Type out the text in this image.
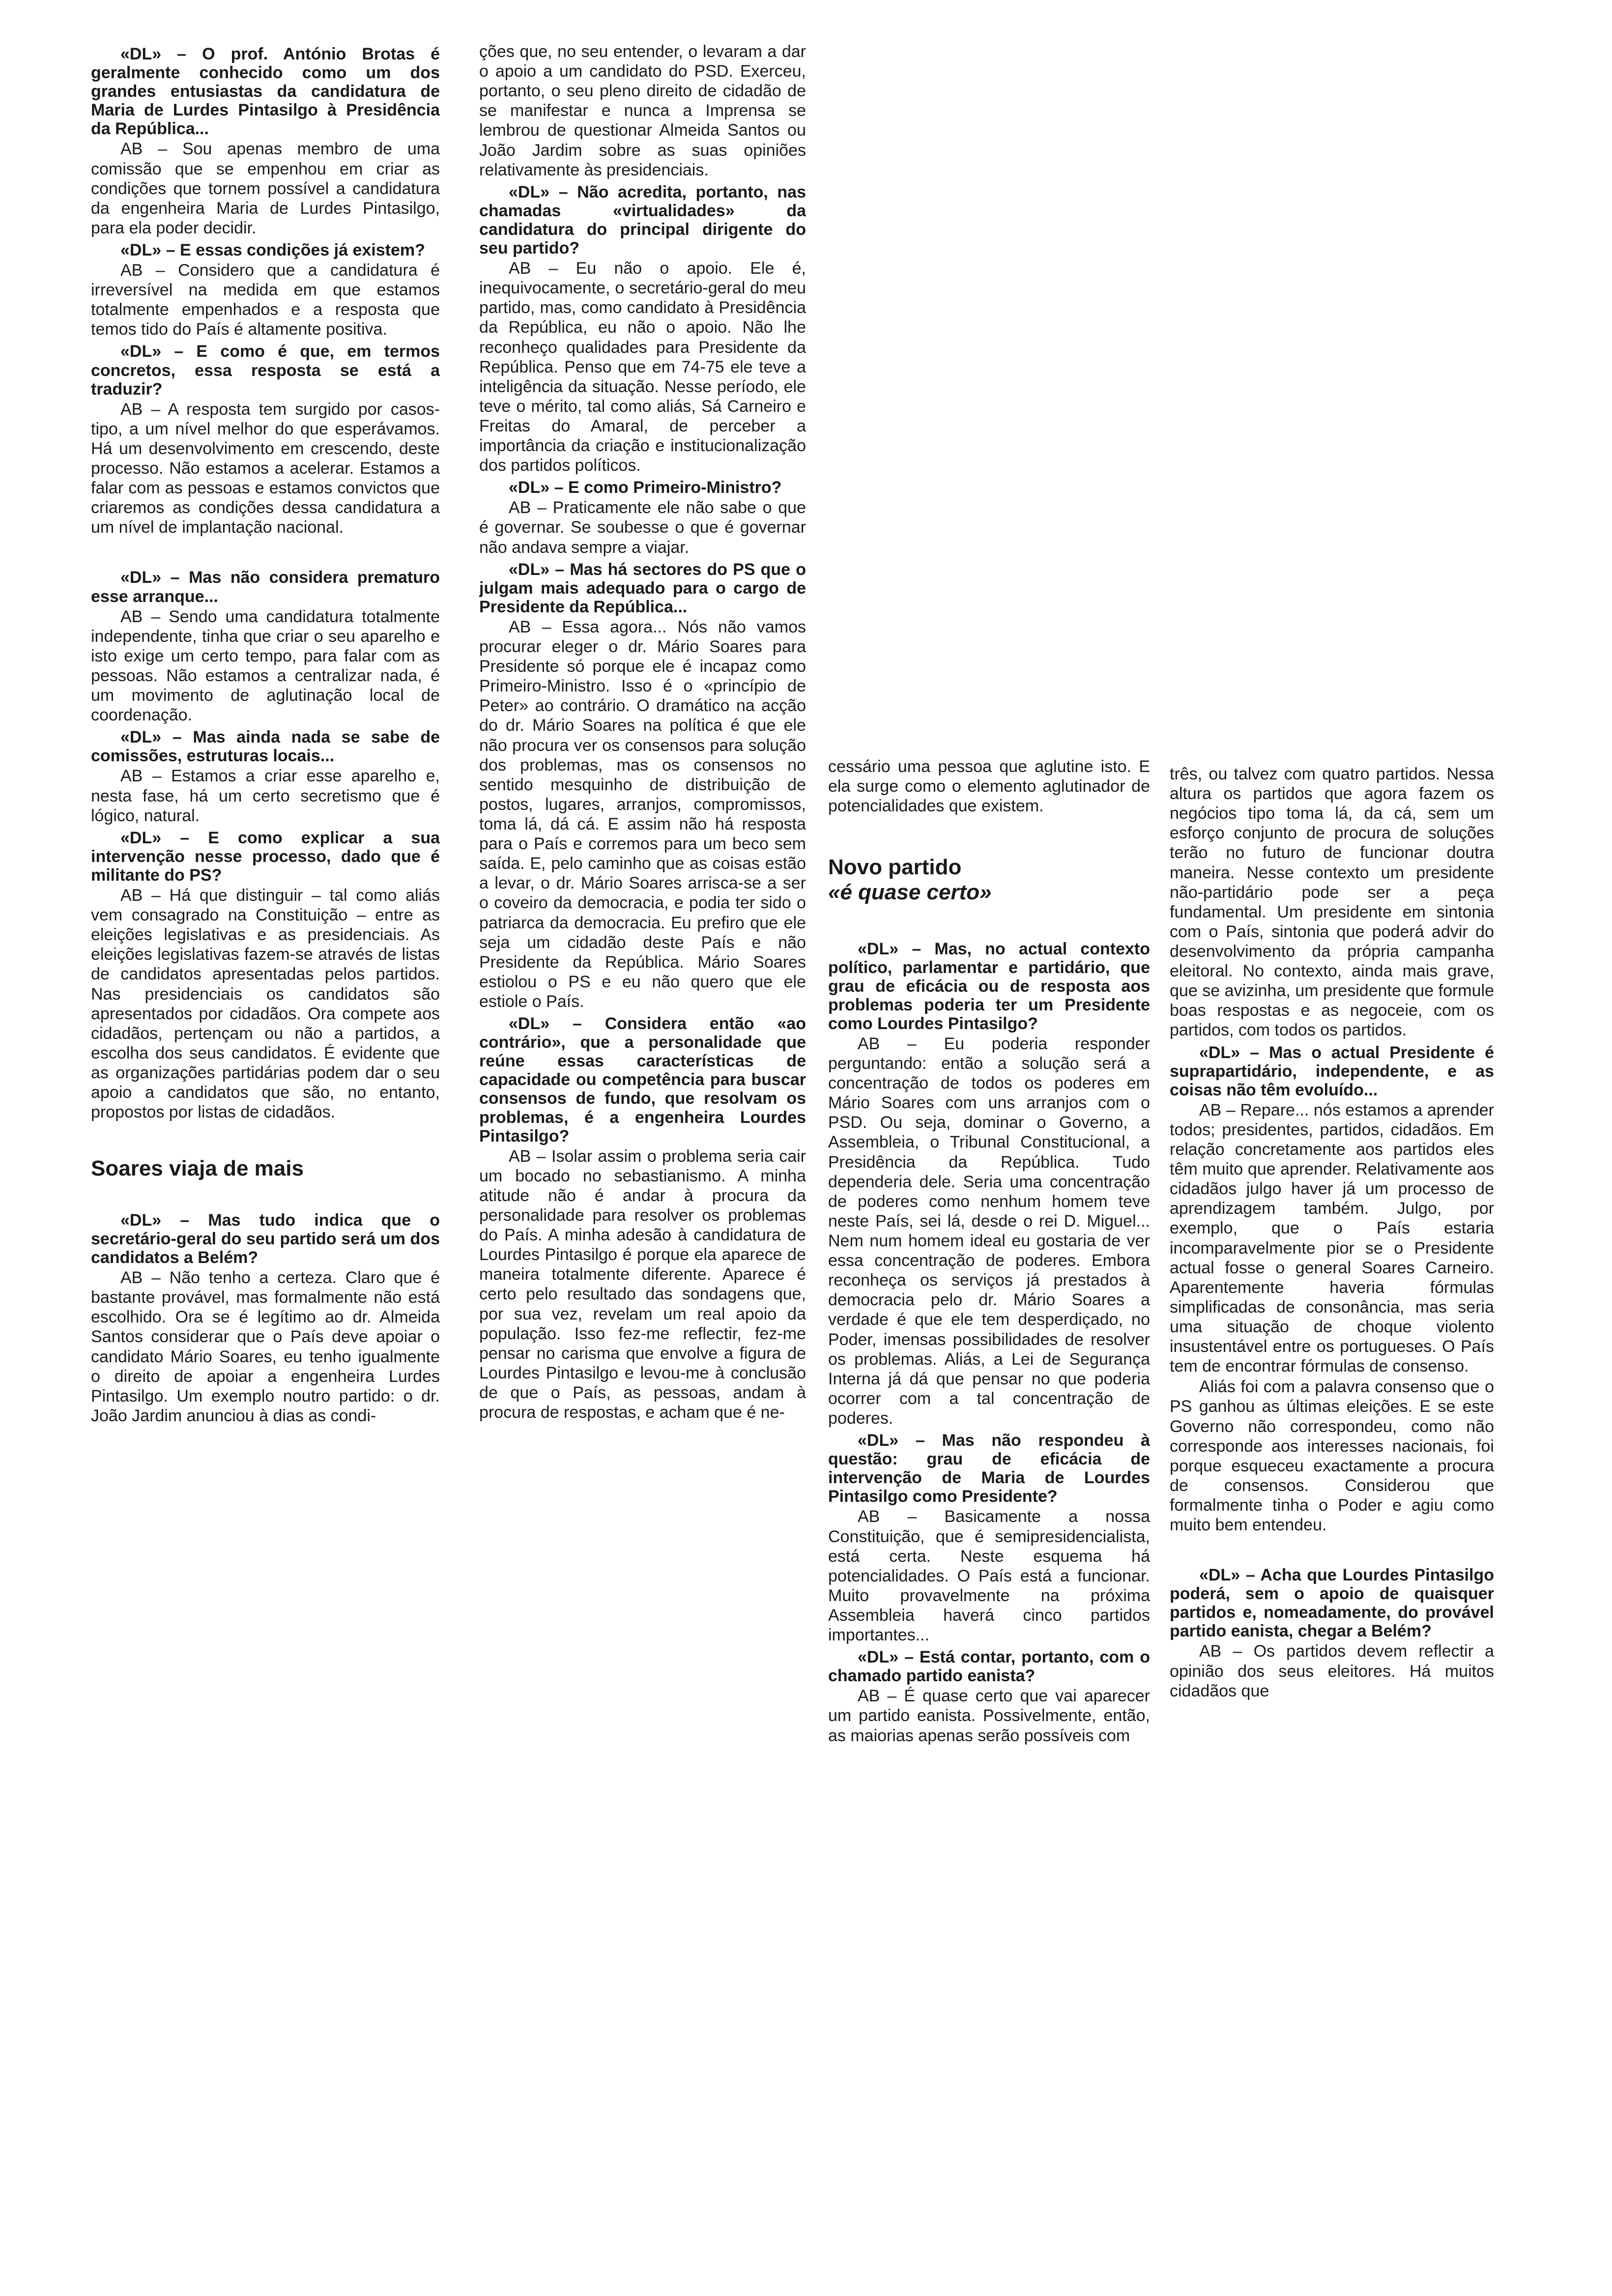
«DL» – O prof. António Brotas é geralmente conhecido como um dos grandes entusiastas da candidatura de Maria de Lurdes Pintasilgo à Presidência da República...

AB – Sou apenas membro de uma comissão que se empenhou em criar as condições que tornem possível a candidatura da engenheira Maria de Lurdes Pintasilgo, para ela poder decidir.

«DL» – E essas condições já existem?

AB – Considero que a candidatura é irreversível na medida em que estamos totalmente empenhados e a resposta que temos tido do País é altamente positiva.

«DL» – E como é que, em termos concretos, essa resposta se está a traduzir?

AB – A resposta tem surgido por casos-tipo, a um nível melhor do que esperávamos. Há um desenvolvimento em crescendo, deste processo. Não estamos a acelerar. Estamos a falar com as pessoas e estamos convictos que criaremos as condições dessa candidatura a um nível de implantação nacional.

«DL» – Mas não considera prematuro esse arranque...

AB – Sendo uma candidatura totalmente independente, tinha que criar o seu aparelho e isto exige um certo tempo, para falar com as pessoas. Não estamos a centralizar nada, é um movimento de aglutinação local de coordenação.

«DL» – Mas ainda nada se sabe de comissões, estruturas locais...

AB – Estamos a criar esse aparelho e, nesta fase, há um certo secretismo que é lógico, natural.

«DL» – E como explicar a sua intervenção nesse processo, dado que é militante do PS?

AB – Há que distinguir – tal como aliás vem consagrado na Constituição – entre as eleições legislativas e as presidenciais. As eleições legislativas fazem-se através de listas de candidatos apresentadas pelos partidos. Nas presidenciais os candidatos são apresentados por cidadãos. Ora compete aos cidadãos, pertençam ou não a partidos, a escolha dos seus candidatos. É evidente que as organizações partidárias podem dar o seu apoio a candidatos que são, no entanto, propostos por listas de cidadãos.

Soares viaja de mais

«DL» – Mas tudo indica que o secretário-geral do seu partido será um dos candidatos a Belém?

AB – Não tenho a certeza. Claro que é bastante provável, mas formalmente não está escolhido. Ora se é legítimo ao dr. Almeida Santos considerar que o País deve apoiar o candidato Mário Soares, eu tenho igualmente o direito de apoiar a engenheira Lurdes Pintasilgo. Um exemplo noutro partido: o dr. João Jardim anunciou à dias as condi-

ções que, no seu entender, o levaram a dar o apoio a um candidato do PSD. Exerceu, portanto, o seu pleno direito de cidadão de se manifestar e nunca a Imprensa se lembrou de questionar Almeida Santos ou João Jardim sobre as suas opiniões relativamente às presidenciais.

«DL» – Não acredita, portanto, nas chamadas «virtualidades» da candidatura do principal dirigente do seu partido?

AB – Eu não o apoio. Ele é, inequivocamente, o secretário-geral do meu partido, mas, como candidato à Presidência da República, eu não o apoio. Não lhe reconheço qualidades para Presidente da República. Penso que em 74-75 ele teve a inteligência da situação. Nesse período, ele teve o mérito, tal como aliás, Sá Carneiro e Freitas do Amaral, de perceber a importância da criação e institucionalização dos partidos políticos.

«DL» – E como Primeiro-Ministro?

AB – Praticamente ele não sabe o que é governar. Se soubesse o que é governar não andava sempre a viajar.

«DL» – Mas há sectores do PS que o julgam mais adequado para o cargo de Presidente da República...

AB – Essa agora... Nós não vamos procurar eleger o dr. Mário Soares para Presidente só porque ele é incapaz como Primeiro-Ministro. Isso é o «princípio de Peter» ao contrário. O dramático na acção do dr. Mário Soares na política é que ele não procura ver os consensos para solução dos problemas, mas os consensos no sentido mesquinho de distribuição de postos, lugares, arranjos, compromissos, toma lá, dá cá. E assim não há resposta para o País e corremos para um beco sem saída. E, pelo caminho que as coisas estão a levar, o dr. Mário Soares arrisca-se a ser o coveiro da democracia, e podia ter sido o patriarca da democracia. Eu prefiro que ele seja um cidadão deste País e não Presidente da República. Mário Soares estiolou o PS e eu não quero que ele estiole o País.

«DL» – Considera então «ao contrário», que a personalidade que reúne essas características de capacidade ou competência para buscar consensos de fundo, que resolvam os problemas, é a engenheira Lourdes Pintasilgo?

AB – Isolar assim o problema seria cair um bocado no sebastianismo. A minha atitude não é andar à procura da personalidade para resolver os problemas do País. A minha adesão à candidatura de Lourdes Pintasilgo é porque ela aparece de maneira totalmente diferente. Aparece é certo pelo resultado das sondagens que, por sua vez, revelam um real apoio da população. Isso fez-me reflectir, fez-me pensar no carisma que envolve a figura de Lourdes Pintasilgo e levou-me à conclusão de que o País, as pessoas, andam à procura de respostas, e acham que é ne-

cessário uma pessoa que aglutine isto. E ela surge como o elemento aglutinador de potencialidades que existem.

Novo partido
«é quase certo»

«DL» – Mas, no actual contexto político, parlamentar e partidário, que grau de eficácia ou de resposta aos problemas poderia ter um Presidente como Lourdes Pintasilgo?

AB – Eu poderia responder perguntando: então a solução será a concentração de todos os poderes em Mário Soares com uns arranjos com o PSD. Ou seja, dominar o Governo, a Assembleia, o Tribunal Constitucional, a Presidência da República. Tudo dependeria dele. Seria uma concentração de poderes como nenhum homem teve neste País, sei lá, desde o rei D. Miguel... Nem num homem ideal eu gostaria de ver essa concentração de poderes. Embora reconheça os serviços já prestados à democracia pelo dr. Mário Soares a verdade é que ele tem desperdiçado, no Poder, imensas possibilidades de resolver os problemas. Aliás, a Lei de Segurança Interna já dá que pensar no que poderia ocorrer com a tal concentração de poderes.

«DL» – Mas não respondeu à questão: grau de eficácia de intervenção de Maria de Lourdes Pintasilgo como Presidente?

AB – Basicamente a nossa Constituição, que é semipresidencialista, está certa. Neste esquema há potencialidades. O País está a funcionar. Muito provavelmente na próxima Assembleia haverá cinco partidos importantes...

«DL» – Está contar, portanto, com o chamado partido eanista?

AB – É quase certo que vai aparecer um partido eanista. Possivelmente, então, as maiorias apenas serão possíveis com

três, ou talvez com quatro partidos. Nessa altura os partidos que agora fazem os negócios tipo toma lá, da cá, sem um esforço conjunto de procura de soluções terão no futuro de funcionar doutra maneira. Nesse contexto um presidente não-partidário pode ser a peça fundamental. Um presidente em sintonia com o País, sintonia que poderá advir do desenvolvimento da própria campanha eleitoral. No contexto, ainda mais grave, que se avizinha, um presidente que formule boas respostas e as negoceie, com os partidos, com todos os partidos.

«DL» – Mas o actual Presidente é suprapartidário, independente, e as coisas não têm evoluído...

AB – Repare... nós estamos a aprender todos; presidentes, partidos, cidadãos. Em relação concretamente aos partidos eles têm muito que aprender. Relativamente aos cidadãos julgo haver já um processo de aprendizagem também. Julgo, por exemplo, que o País estaria incomparavelmente pior se o Presidente actual fosse o general Soares Carneiro. Aparentemente haveria fórmulas simplificadas de consonância, mas seria uma situação de choque violento insustentável entre os portugueses. O País tem de encontrar fórmulas de consenso.

Aliás foi com a palavra consenso que o PS ganhou as últimas eleições. E se este Governo não correspondeu, como não corresponde aos interesses nacionais, foi porque esqueceu exactamente a procura de consensos. Considerou que formalmente tinha o Poder e agiu como muito bem entendeu.

«DL» – Acha que Lourdes Pintasilgo poderá, sem o apoio de quaisquer partidos e, nomeadamente, do provável partido eanista, chegar a Belém?

AB – Os partidos devem reflectir a opinião dos seus eleitores. Há muitos cidadãos que
